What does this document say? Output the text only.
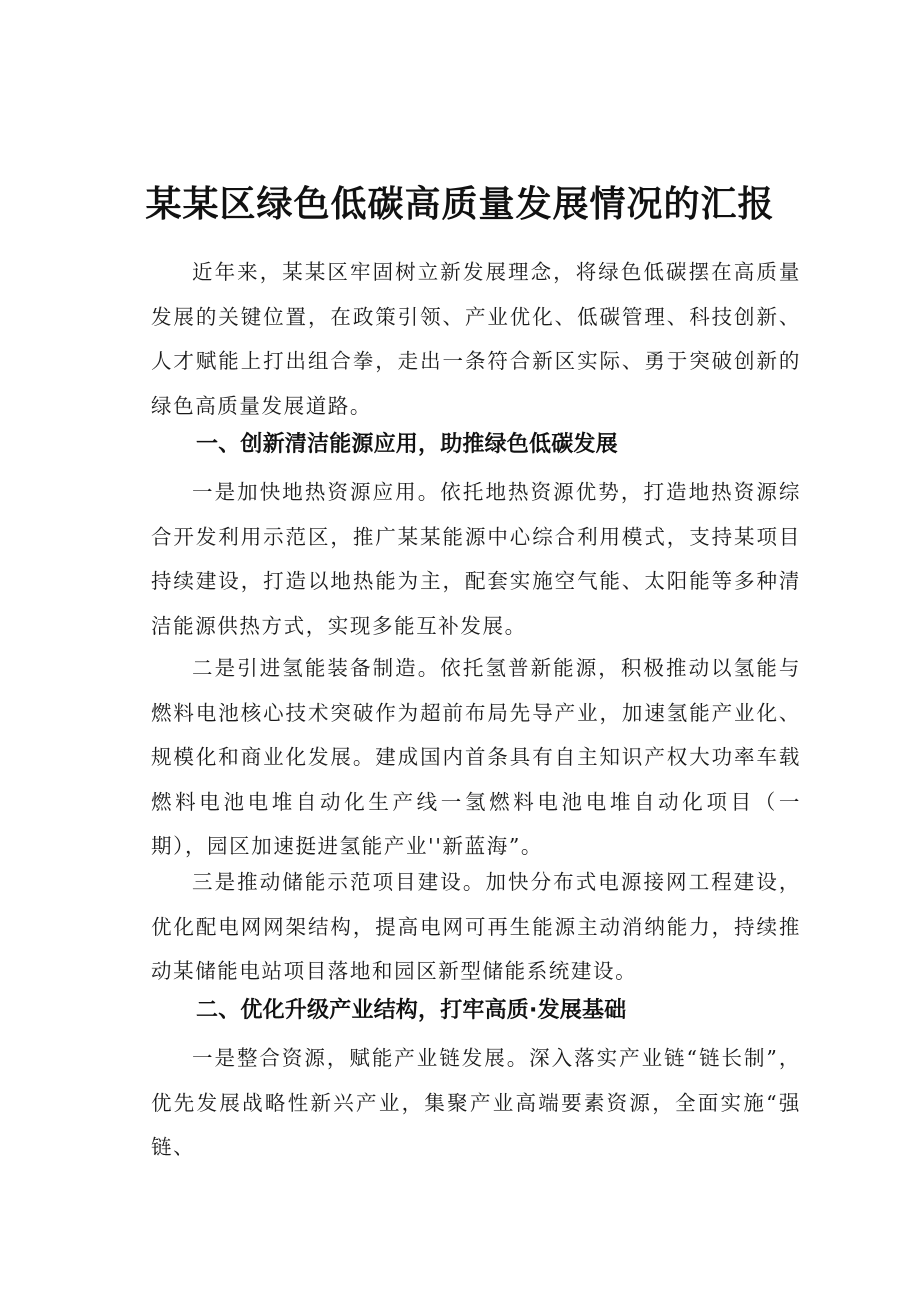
某某区绿色低碳高质量发展情况的汇报

近年来，某某区牢固树立新发展理念，将绿色低碳摆在高质量发展的关键位置，在政策引领、产业优化、低碳管理、科技创新、人才赋能上打出组合拳，走出一条符合新区实际、勇于突破创新的绿色高质量发展道路。

一、创新清洁能源应用，助推绿色低碳发展

一是加快地热资源应用。依托地热资源优势，打造地热资源综合开发利用示范区，推广某某能源中心综合利用模式，支持某项目持续建设，打造以地热能为主，配套实施空气能、太阳能等多种清洁能源供热方式，实现多能互补发展。

二是引进氢能装备制造。依托氢普新能源，积极推动以氢能与燃料电池核心技术突破作为超前布局先导产业，加速氢能产业化、规模化和商业化发展。建成国内首条具有自主知识产权大功率车载燃料电池电堆自动化生产线一氢燃料电池电堆自动化项目（一期），园区加速挺进氢能产业''新蓝海”。

三是推动储能示范项目建设。加快分布式电源接网工程建设，优化配电网网架结构，提高电网可再生能源主动消纳能力，持续推动某储能电站项目落地和园区新型储能系统建设。

二、优化升级产业结构，打牢高质·发展基础

一是整合资源，赋能产业链发展。深入落实产业链“链长制”，优先发展战略性新兴产业，集聚产业高端要素资源，全面实施“强链、
